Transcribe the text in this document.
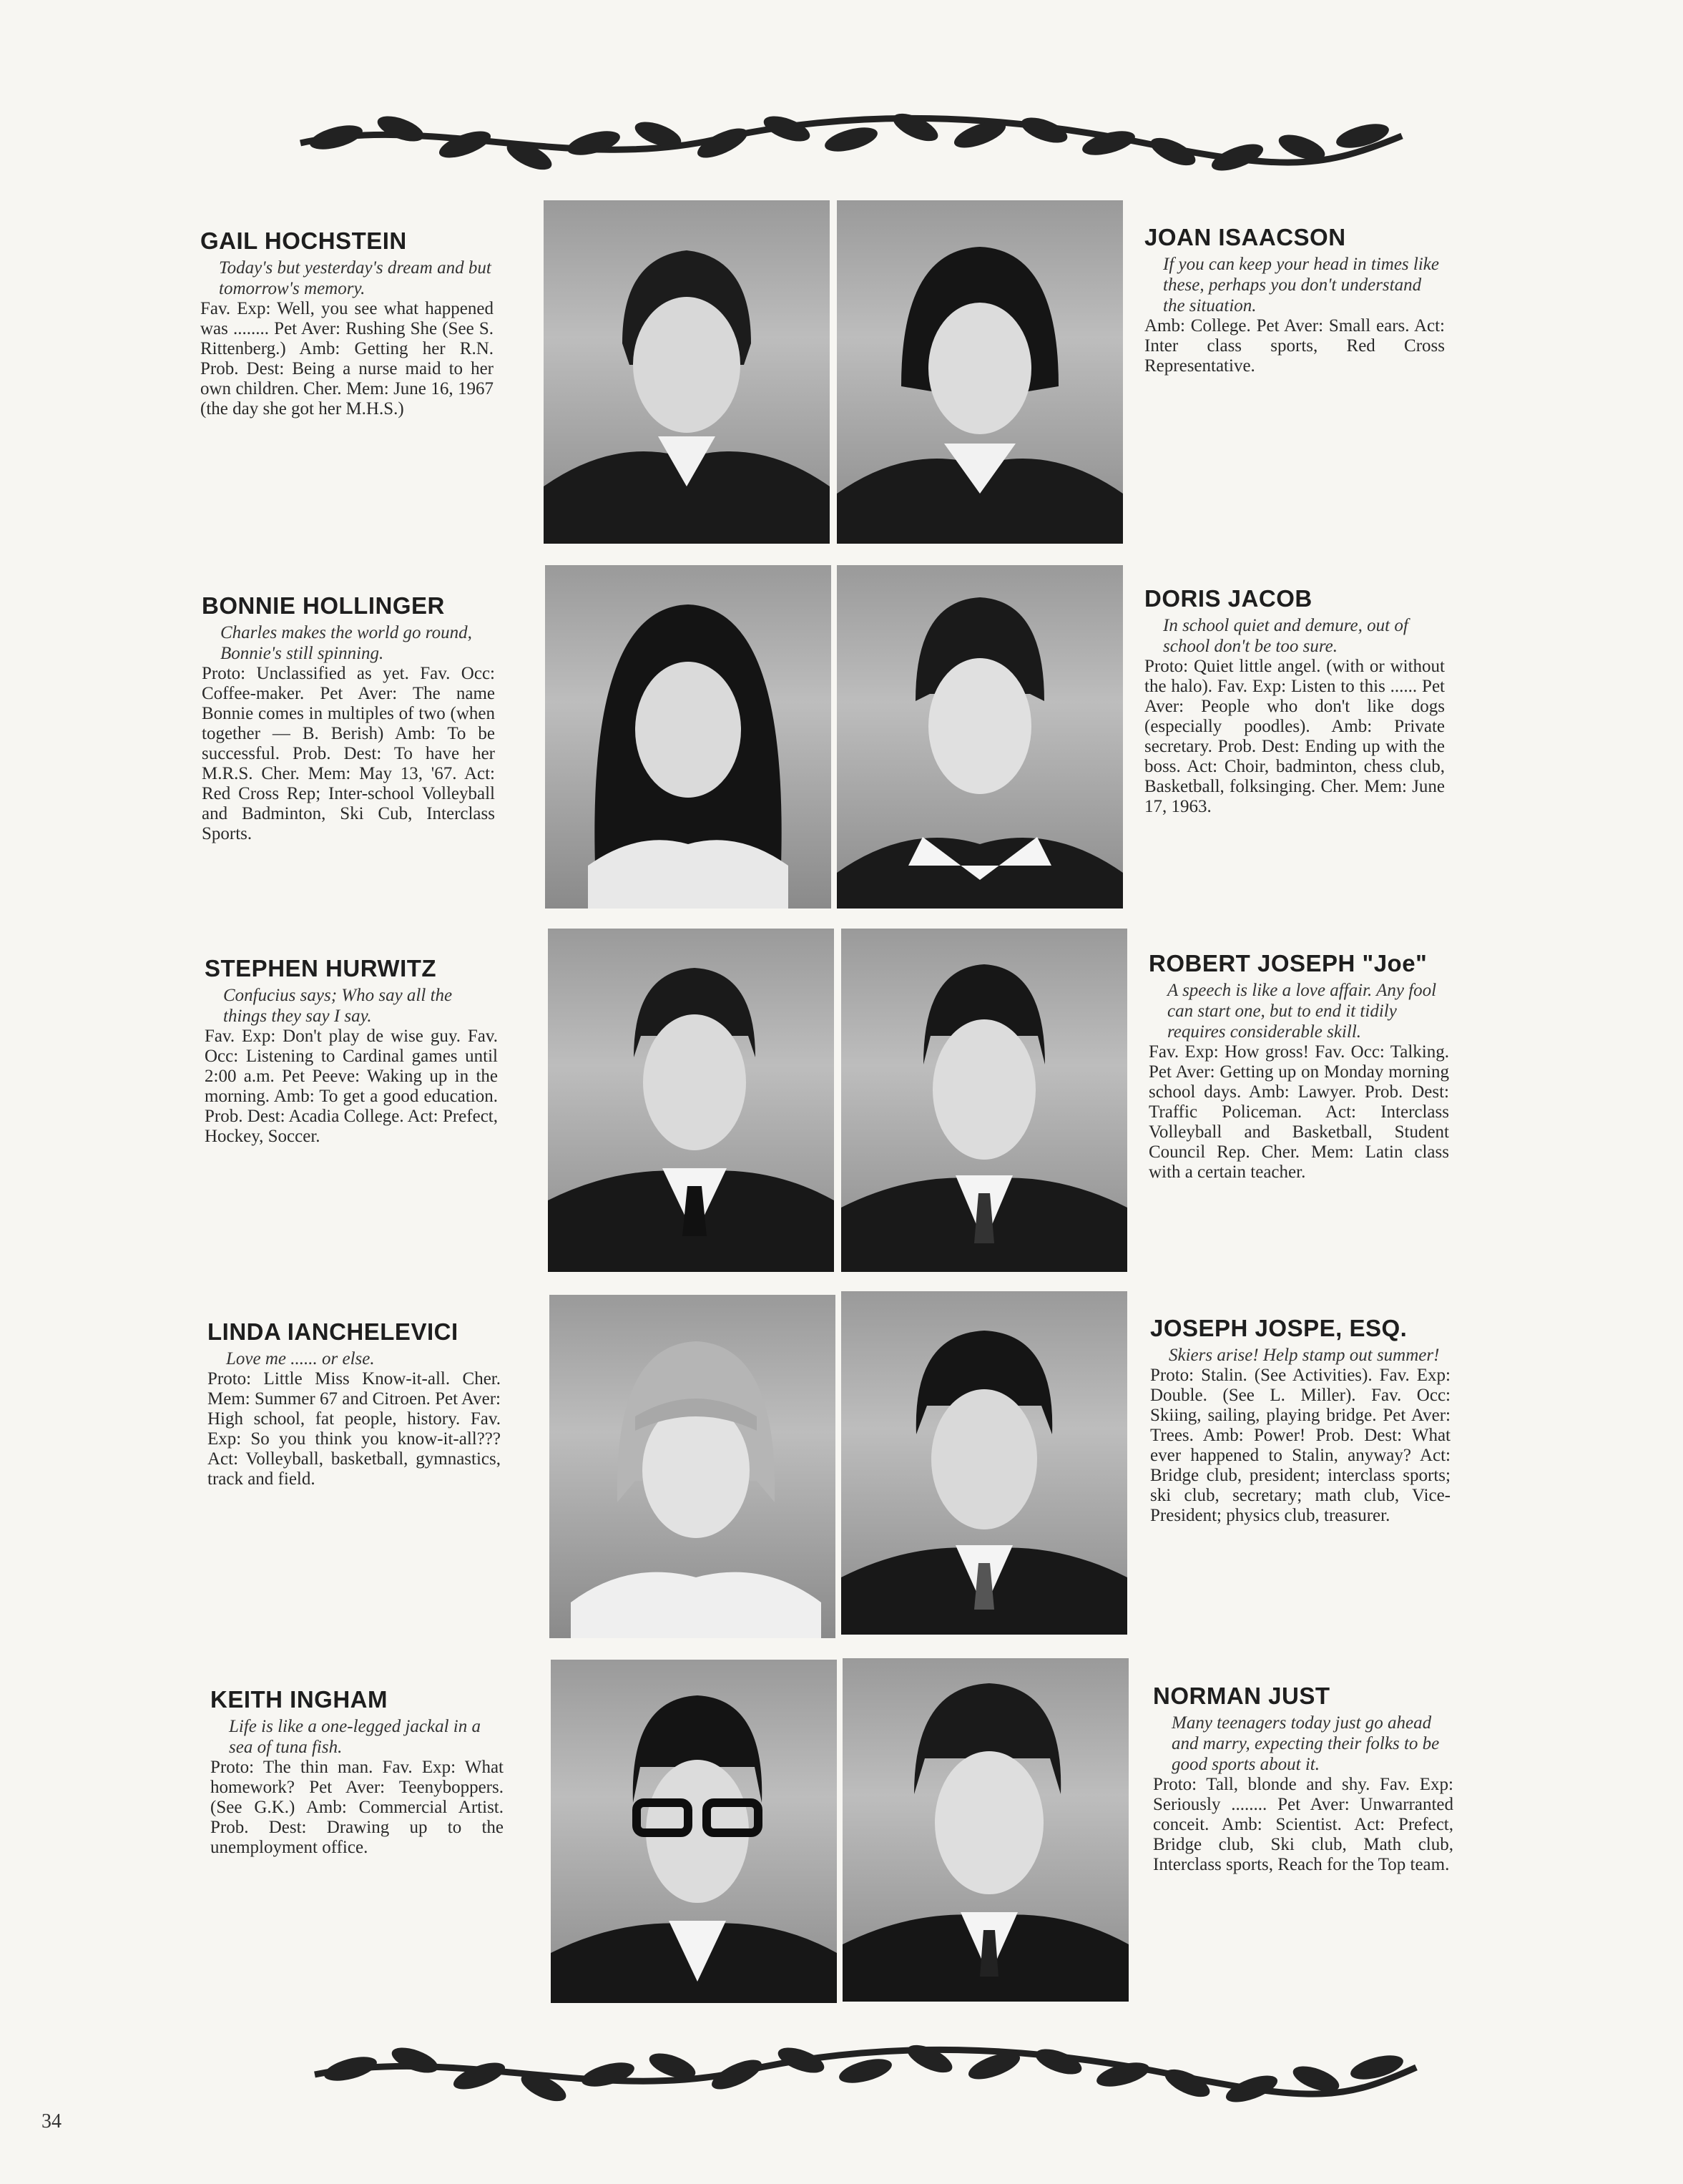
GAIL HOCHSTEIN

Today's but yesterday's dream and but tomorrow's memory.

Fav. Exp: Well, you see what happened was ........ Pet Aver: Rushing She (See S. Rittenberg.) Amb: Getting her R.N. Prob. Dest: Being a nurse maid to her own children. Cher. Mem: June 16, 1967 (the day she got her M.H.S.)

JOAN ISAACSON

If you can keep your head in times like these, perhaps you don't understand the situation.

Amb: College. Pet Aver: Small ears. Act: Inter class sports, Red Cross Representative.

BONNIE HOLLINGER

Charles makes the world go round, Bonnie's still spinning.

Proto: Unclassified as yet. Fav. Occ: Coffee-maker. Pet Aver: The name Bonnie comes in multiples of two (when together — B. Berish) Amb: To be successful. Prob. Dest: To have her M.R.S. Cher. Mem: May 13, '67. Act: Red Cross Rep; Inter-school Volleyball and Badminton, Ski Cub, Interclass Sports.

DORIS JACOB

In school quiet and demure, out of school don't be too sure.

Proto: Quiet little angel. (with or without the halo). Fav. Exp: Listen to this ...... Pet Aver: People who don't like dogs (especially poodles). Amb: Private secretary. Prob. Dest: Ending up with the boss. Act: Choir, badminton, chess club, Basketball, folksinging. Cher. Mem: June 17, 1963.

STEPHEN HURWITZ

Confucius says; Who say all the things they say I say.

Fav. Exp: Don't play de wise guy. Fav. Occ: Listening to Cardinal games until 2:00 a.m. Pet Peeve: Waking up in the morning. Amb: To get a good education. Prob. Dest: Acadia College. Act: Prefect, Hockey, Soccer.

ROBERT JOSEPH "Joe"

A speech is like a love affair. Any fool can start one, but to end it tidily requires considerable skill.

Fav. Exp: How gross! Fav. Occ: Talking. Pet Aver: Getting up on Monday morning school days. Amb: Lawyer. Prob. Dest: Traffic Policeman. Act: Interclass Volleyball and Basketball, Student Council Rep. Cher. Mem: Latin class with a certain teacher.

LINDA IANCHELEVICI

Love me ...... or else.

Proto: Little Miss Know-it-all. Cher. Mem: Summer 67 and Citroen. Pet Aver: High school, fat people, history. Fav. Exp: So you think you know-it-all??? Act: Volleyball, basketball, gymnastics, track and field.

JOSEPH JOSPE, ESQ.

Skiers arise! Help stamp out summer!

Proto: Stalin. (See Activities). Fav. Exp: Double. (See L. Miller). Fav. Occ: Skiing, sailing, playing bridge. Pet Aver: Trees. Amb: Power! Prob. Dest: What ever happened to Stalin, anyway? Act: Bridge club, president; interclass sports; ski club, secretary; math club, Vice- President; physics club, treasurer.

KEITH INGHAM

Life is like a one-legged jackal in a sea of tuna fish.

Proto: The thin man. Fav. Exp: What homework? Pet Aver: Teenyboppers. (See G.K.) Amb: Commercial Artist. Prob. Dest: Drawing up to the unemployment office.

NORMAN JUST

Many teenagers today just go ahead and marry, expecting their folks to be good sports about it.

Proto: Tall, blonde and shy. Fav. Exp: Seriously ........ Pet Aver: Unwarranted conceit. Amb: Scientist. Act: Prefect, Bridge club, Ski club, Math club, Interclass sports, Reach for the Top team.

34
